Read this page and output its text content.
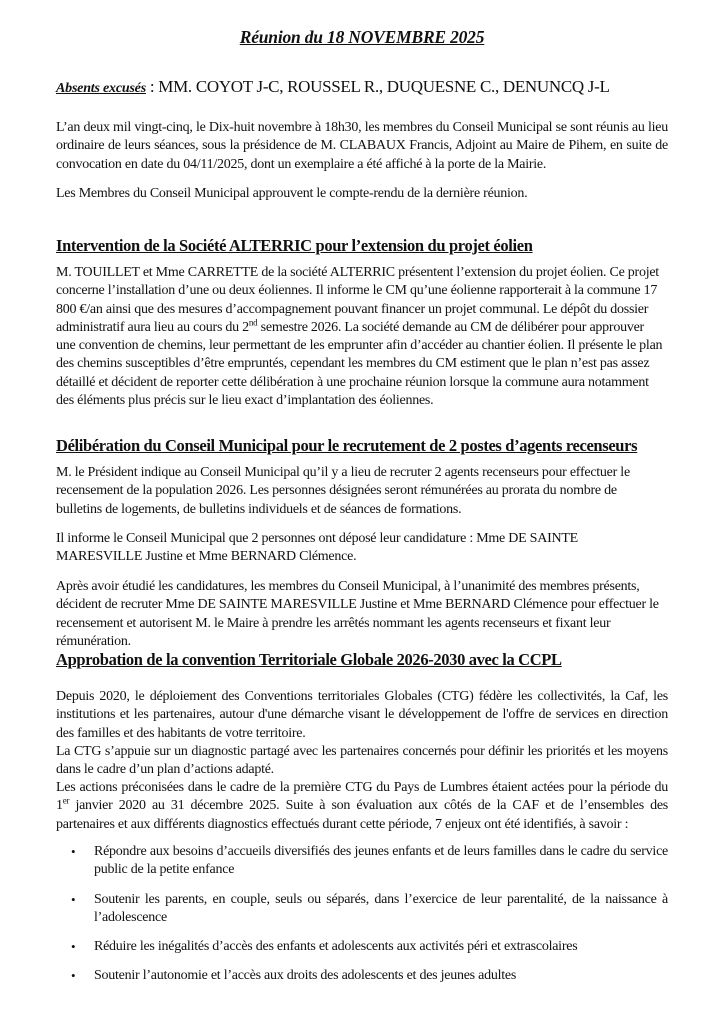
Réunion du 18 NOVEMBRE 2025
Absents excusés : MM. COYOT J-C, ROUSSEL R., DUQUESNE C., DENUNCQ J-L

L’an deux mil vingt-cinq, le Dix-huit novembre à 18h30, les membres du Conseil Municipal se sont réunis au lieu ordinaire de leurs séances, sous la présidence de M. CLABAUX Francis, Adjoint au Maire de Pihem, en suite de convocation en date du 04/11/2025, dont un exemplaire a été affiché à la porte de la Mairie.

Les Membres du Conseil Municipal approuvent le compte-rendu de la dernière réunion.

Intervention de la Société ALTERRIC pour l’extension du projet éolien

M. TOUILLET et Mme CARRETTE de la société ALTERRIC présentent l’extension du projet éolien. Ce projet concerne l’installation d’une ou deux éoliennes. Il informe le CM qu’une éolienne rapporterait à la commune 17 800 €/an ainsi que des mesures d’accompagnement pouvant financer un projet communal. Le dépôt du dossier administratif aura lieu au cours du 2nd semestre 2026. La société demande au CM de délibérer pour approuver une convention de chemins, leur permettant de les emprunter afin d’accéder au chantier éolien. Il présente le plan des chemins susceptibles d’être empruntés, cependant les membres du CM estiment que le plan n’est pas assez détaillé et décident de reporter cette délibération à une prochaine réunion lorsque la commune aura notamment des éléments plus précis sur le lieu exact d’implantation des éoliennes.

Délibération du Conseil Municipal pour le recrutement de 2 postes d’agents recenseurs

M. le Président indique au Conseil Municipal qu’il y a lieu de recruter 2 agents recenseurs pour effectuer le recensement de la population 2026. Les personnes désignées seront rémunérées au prorata du nombre de bulletins de logements, de bulletins individuels et de séances de formations.

Il informe le Conseil Municipal que 2 personnes ont déposé leur candidature : Mme DE SAINTE MARESVILLE Justine et Mme BERNARD Clémence.

Après avoir étudié les candidatures, les membres du Conseil Municipal, à l’unanimité des membres présents, décident de recruter Mme DE SAINTE MARESVILLE Justine et Mme BERNARD Clémence pour effectuer le recensement et autorisent M. le Maire à prendre les arrêtés nommant les agents recenseurs et fixant leur rémunération.

Approbation de la convention Territoriale Globale 2026-2030 avec la CCPL

Depuis 2020, le déploiement des Conventions territoriales Globales (CTG) fédère les collectivités, la Caf, les institutions et les partenaires, autour d'une démarche visant le développement de l'offre de services en direction des familles et des habitants de votre territoire.

La CTG s’appuie sur un diagnostic partagé avec les partenaires concernés pour définir les priorités et les moyens dans le cadre d’un plan d’actions adapté.

Les actions préconisées dans le cadre de la première CTG du Pays de Lumbres étaient actées pour la période du 1er janvier 2020 au 31 décembre 2025. Suite à son évaluation aux côtés de la CAF et de l’ensembles des partenaires et aux différents diagnostics effectués durant cette période, 7 enjeux ont été identifiés, à savoir :

• Répondre aux besoins d’accueils diversifiés des jeunes enfants et de leurs familles dans le cadre du service public de la petite enfance
• Soutenir les parents, en couple, seuls ou séparés, dans l’exercice de leur parentalité, de la naissance à l’adolescence
• Réduire les inégalités d’accès des enfants et adolescents aux activités péri et extrascolaires
• Soutenir l’autonomie et l’accès aux droits des adolescents et des jeunes adultes
